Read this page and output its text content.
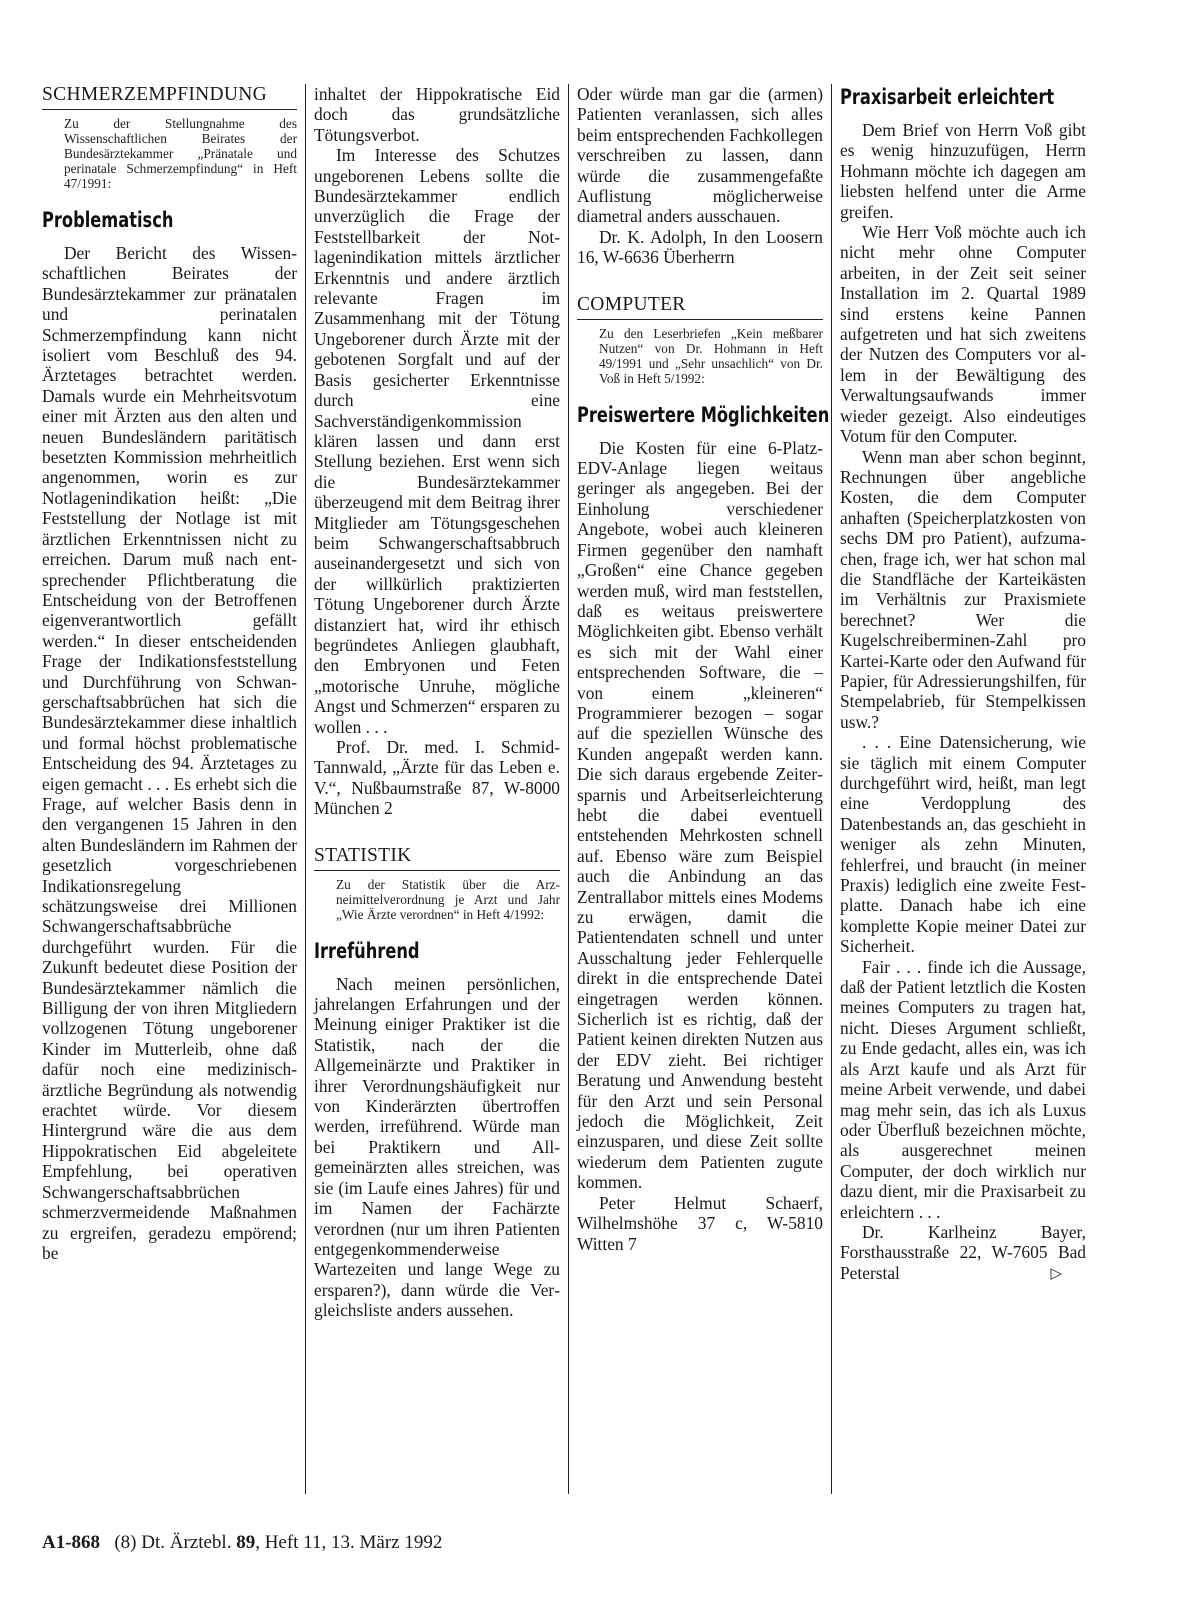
SCHMERZEMPFINDUNG
Zu der Stellungnahme des Wissenschaftlichen Beirates der Bundesärztekammer „Pränatale und perinatale Schmerzempfindung“ in Heft 47/1991:
Problematisch

Der Bericht des Wissenschaftlichen Beirates der Bundesärztekammer zur pränatalen und perinatalen Schmerzempfindung kann nicht isoliert vom Beschluß des 94. Ärztetages betrachtet werden. Damals wurde ein Mehrheitsvotum einer mit Ärzten aus den alten und neuen Bundesländern paritätisch besetzten Kommission mehrheitlich angenommen, worin es zur Notlagenindikation heißt: „Die Feststellung der Notlage ist mit ärztlichen Erkenntnissen nicht zu erreichen. Darum muß nach entsprechender Pflichtberatung die Entscheidung von der Betroffenen eigenverantwortlich gefällt werden.“ In dieser entscheidenden Frage der Indikationsfeststellung und Durchführung von Schwangerschaftsabbrüchen hat sich die Bundesärztekammer diese inhaltlich und formal höchst problematische Entscheidung des 94. Ärztetages zu eigen gemacht . . . Es erhebt sich die Frage, auf welcher Basis denn in den vergangenen 15 Jahren in den alten Bundesländern im Rahmen der gesetzlich vorgeschriebenen Indikationsregelung schätzungsweise drei Millionen Schwangerschaftsabbrüche durchgeführt wurden. Für die Zukunft bedeutet diese Position der Bundesärztekammer nämlich die Billigung der von ihren Mitgliedern vollzogenen Tötung ungeborener Kinder im Mutterleib, ohne daß dafür noch eine medizinisch-ärztliche Begründung als notwendig erachtet würde. Vor diesem Hintergrund wäre die aus dem Hippokratischen Eid abgeleitete Empfehlung, bei operativen Schwangerschaftsabbrüchen schmerzvermeidende Maßnahmen zu ergreifen, geradezu empörend; be

inhaltet der Hippokratische Eid doch das grundsätzliche Tötungsverbot.

Im Interesse des Schutzes ungeborenen Lebens sollte die Bundesärztekammer endlich unverzüglich die Frage der Feststellbarkeit der Notlagenindikation mittels ärztlicher Erkenntnis und andere ärztlich relevante Fragen im Zusammenhang mit der Tötung Ungeborener durch Ärzte mit der gebotenen Sorgfalt und auf der Basis gesicherter Erkenntnisse durch eine Sachverständigenkommission klären lassen und dann erst Stellung beziehen. Erst wenn sich die Bundesärztekammer überzeugend mit dem Beitrag ihrer Mitglieder am Tötungsgeschehen beim Schwangerschaftsabbruch auseinandergesetzt und sich von der willkürlich praktizierten Tötung Ungeborener durch Ärzte distanziert hat, wird ihr ethisch begründetes Anliegen glaubhaft, den Embryonen und Feten „motorische Unruhe, mögliche Angst und Schmerzen“ ersparen zu wollen . . .

Prof. Dr. med. I. Schmid-Tannwald, „Ärzte für das Leben e. V.“, Nußbaumstraße 87, W-8000 München 2

STATISTIK
Zu der Statistik über die Arzneimittelverordnung je Arzt und Jahr „Wie Ärzte verordnen“ in Heft 4/1992:
Irreführend

Nach meinen persönlichen, jahrelangen Erfahrungen und der Meinung einiger Praktiker ist die Statistik, nach der die Allgemeinärzte und Praktiker in ihrer Verordnungshäufigkeit nur von Kinderärzten übertroffen werden, irreführend. Würde man bei Praktikern und Allgemeinärzten alles streichen, was sie (im Laufe eines Jahres) für und im Namen der Fachärzte verordnen (nur um ihren Patienten entgegenkommenderweise Wartezeiten und lange Wege zu ersparen?), dann würde die Vergleichsliste anders aussehen.

Oder würde man gar die (armen) Patienten veranlassen, sich alles beim entsprechenden Fachkollegen verschreiben zu lassen, dann würde die zusammengefaßte Auflistung möglicherweise diametral anders ausschauen.

Dr. K. Adolph, In den Loosern 16, W-6636 Überherrn

COMPUTER
Zu den Leserbriefen „Kein meßbarer Nutzen“ von Dr. Hohmann in Heft 49/1991 und „Sehr unsachlich“ von Dr. Voß in Heft 5/1992:
Preiswertere Möglichkeiten

Die Kosten für eine 6-Platz-EDV-Anlage liegen weitaus geringer als angegeben. Bei der Einholung verschiedener Angebote, wobei auch kleineren Firmen gegenüber den namhaft „Großen“ eine Chance gegeben werden muß, wird man feststellen, daß es weitaus preiswertere Möglichkeiten gibt. Ebenso verhält es sich mit der Wahl einer entsprechenden Software, die – von einem „kleineren“ Programmierer bezogen – sogar auf die speziellen Wünsche des Kunden angepaßt werden kann. Die sich daraus ergebende Zeitersparnis und Arbeitserleichterung hebt die dabei eventuell entstehenden Mehrkosten schnell auf. Ebenso wäre zum Beispiel auch die Anbindung an das Zentrallabor mittels eines Modems zu erwägen, damit die Patientendaten schnell und unter Ausschaltung jeder Fehlerquelle direkt in die entsprechende Datei eingetragen werden können. Sicherlich ist es richtig, daß der Patient keinen direkten Nutzen aus der EDV zieht. Bei richtiger Beratung und Anwendung besteht für den Arzt und sein Personal jedoch die Möglichkeit, Zeit einzusparen, und diese Zeit sollte wiederum dem Patienten zugute kommen.

Peter Helmut Schaerf, Wilhelmshöhe 37 c, W-5810 Witten 7

Praxisarbeit erleichtert

Dem Brief von Herrn Voß gibt es wenig hinzuzufügen, Herrn Hohmann möchte ich dagegen am liebsten helfend unter die Arme greifen.

Wie Herr Voß möchte auch ich nicht mehr ohne Computer arbeiten, in der Zeit seit seiner Installation im 2. Quartal 1989 sind erstens keine Pannen aufgetreten und hat sich zweitens der Nutzen des Computers vor allem in der Bewältigung des Verwaltungsaufwands immer wieder gezeigt. Also eindeutiges Votum für den Computer.

Wenn man aber schon beginnt, Rechnungen über angebliche Kosten, die dem Computer anhaften (Speicherplatzkosten von sechs DM pro Patient), aufzumachen, frage ich, wer hat schon mal die Standfläche der Karteikästen im Verhältnis zur Praxismiete berechnet? Wer die Kugelschreiberminen-Zahl pro Kartei-Karte oder den Aufwand für Papier, für Adressierungshilfen, für Stempelabrieb, für Stempelkissen usw.?

. . . Eine Datensicherung, wie sie täglich mit einem Computer durchgeführt wird, heißt, man legt eine Verdopplung des Datenbestands an, das geschieht in weniger als zehn Minuten, fehlerfrei, und braucht (in meiner Praxis) lediglich eine zweite Festplatte. Danach habe ich eine komplette Kopie meiner Datei zur Sicherheit.

Fair . . . finde ich die Aussage, daß der Patient letztlich die Kosten meines Computers zu tragen hat, nicht. Dieses Argument schließt, zu Ende gedacht, alles ein, was ich als Arzt kaufe und als Arzt für meine Arbeit verwende, und dabei mag mehr sein, das ich als Luxus oder Überfluß bezeichnen möchte, als ausgerechnet meinen Computer, der doch wirklich nur dazu dient, mir die Praxisarbeit zu erleichtern . . .

Dr. Karlheinz Bayer, Forsthausstraße 22, W-7605 Bad Peterstal	▷

A1-868 (8) Dt. Ärztebl. 89, Heft 11, 13. März 1992
